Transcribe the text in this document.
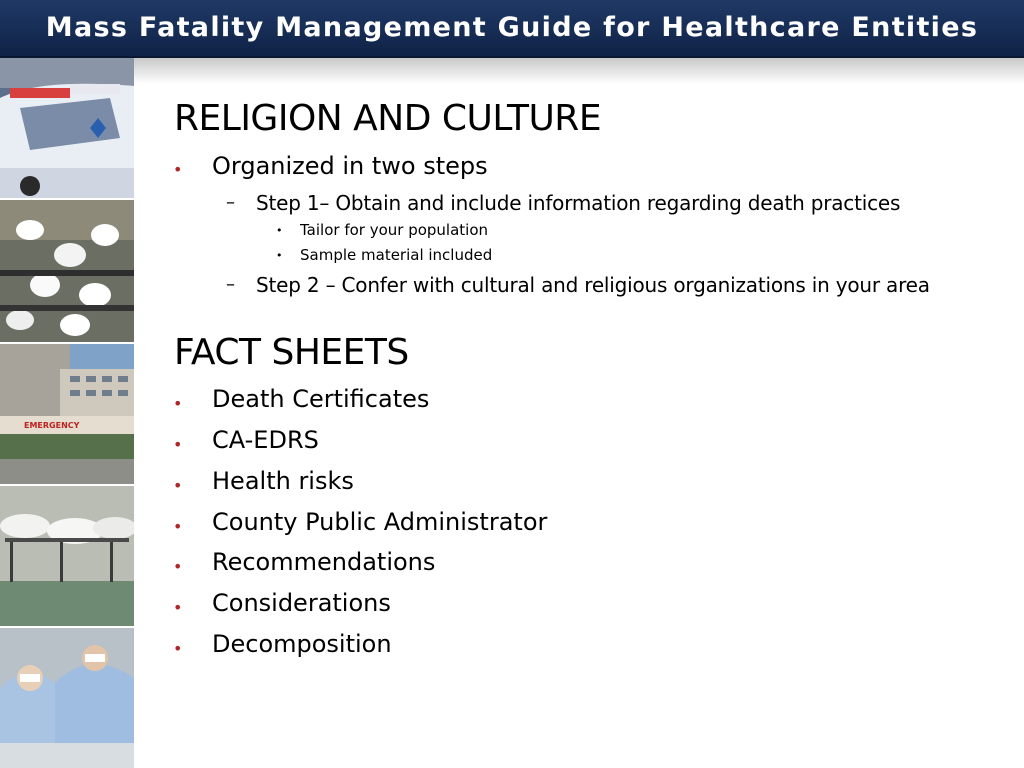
Mass Fatality Management Guide for Healthcare Entities
EMERGENCY
RELIGION AND CULTURE
• Organized in two steps
– Step 1– Obtain and include information regarding death practices
• Tailor for your population
• Sample material included
– Step 2 – Confer with cultural and religious organizations in your area
FACT SHEETS
• Death Certificates
• CA-EDRS
• Health risks
• County Public Administrator
• Recommendations
• Considerations
• Decomposition
